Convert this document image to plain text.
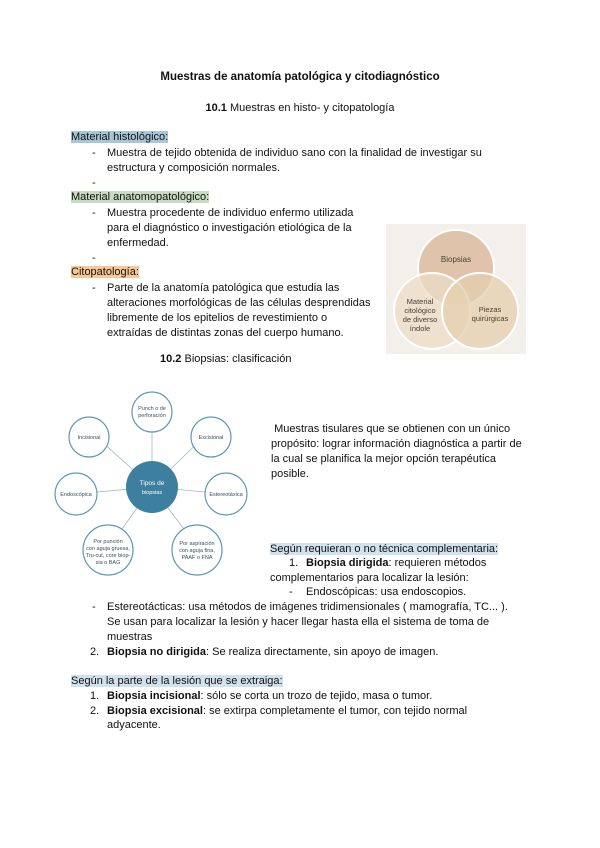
Muestras de anatomía patológica y citodiagnóstico
10.1 Muestras en histo- y citopatología
Material histológico:
- Muestra de tejido obtenida de individuo sano con la finalidad de investigar su
estructura y composición normales.
-
Material anatomopatológico:
- Muestra procedente de individuo enfermo utilizada
para el diagnóstico o investigación etiológica de la
enfermedad.
-
Citopatología:
- Parte de la anatomía patológica que estudia las
alteraciones morfológicas de las células desprendidas
libremente de los epitelios de revestimiento o
extraídas de distintas zonas del cuerpo humano.
Biopsias
Material
citológico
de diverso
índole
Piezas
quirúrgicas
10.2 Biopsias: clasificación
Tipos de
biopsias
Punch o de
perforación
Excisional
Estereotáxica
Por aspiración
con aguja fina,
PAAF o FNA
Por punción
con aguja gruesa,
Tru-cut, core biop-
sia o BAG
Endoscópica
Incisional
Muestras tisulares que se obtienen con un único
propósito: lograr información diagnóstica a partir de
la cual se planifica la mejor opción terapéutica
posible.
Según requieran o no técnica complementaria:
1. Biopsia dirigida: requieren métodos
complementarios para localizar la lesión:
- Endoscópicas: usa endoscopios.
- Estereotácticas: usa métodos de imágenes tridimensionales ( mamografía, TC... ).
Se usan para localizar la lesión y hacer llegar hasta ella el sistema de toma de
muestras
2. Biopsia no dirigida: Se realiza directamente, sin apoyo de imagen.
Según la parte de la lesión que se extraiga:
1. Biopsia incisional: sólo se corta un trozo de tejido, masa o tumor.
2. Biopsia excisional: se extirpa completamente el tumor, con tejido normal
adyacente.
